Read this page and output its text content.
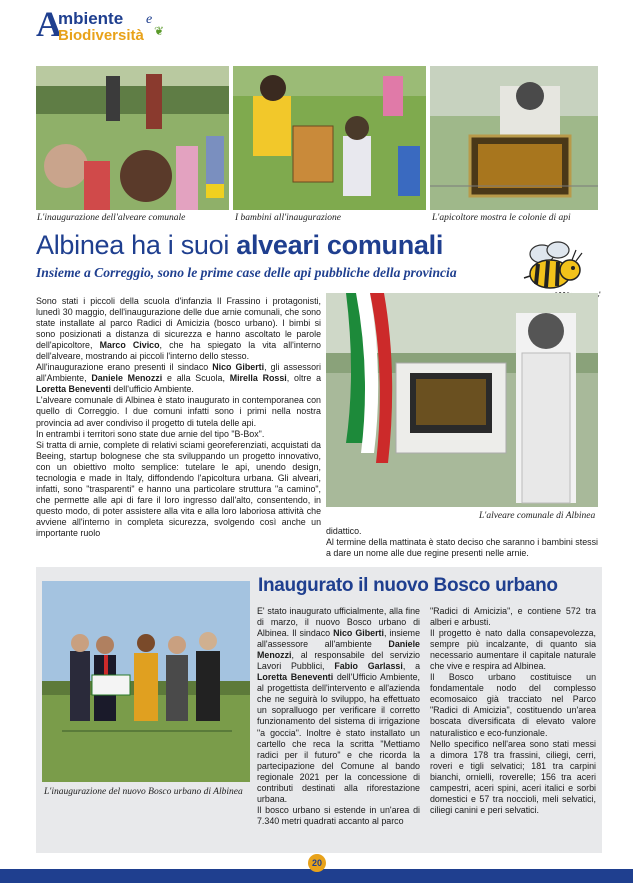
A
mbiente e
Biodiversità ❦
L'inaugurazione dell'alveare comunale	I bambini all'inaugurazione	L'apicoltore mostra le colonie di api
Albinea ha i suoi alveari comunali
Insieme a Correggio, sono le prime case delle api pubbliche della provincia

Sono stati i piccoli della scuola d'infanzia Il Frassino i protagonisti, lunedì 30 maggio, dell'inaugurazione delle due arnie comunali, che sono state installate al parco Radici di Amicizia (bosco urbano). I bimbi si sono posizionati a distanza di sicurezza e hanno ascoltato le parole dell'apicoltore, Marco Civico, che ha spiegato la vita all'interno dell'alveare, mostrando ai piccoli l'interno dello stesso.

All'inaugurazione erano presenti il sindaco Nico Giberti, gli assessori all'Ambiente, Daniele Menozzi e alla Scuola, Mirella Rossi, oltre a Loretta Beneventi dell'ufficio Ambiente.

L'alveare comunale di Albinea è stato inaugurato in contemporanea con quello di Correggio. I due comuni infatti sono i primi nella nostra provincia ad aver condiviso il progetto di tutela delle api.

In entrambi i territori sono state due arnie del tipo "B-Box".

Si tratta di arnie, complete di relativi sciami georeferenziati, acquistati da Beeing, startup bolognese che sta sviluppando un progetto innovativo, con un obiettivo molto semplice: tutelare le api, unendo design, tecnologia e made in Italy, diffondendo l'apicoltura urbana. Gli alveari, infatti, sono "trasparenti" e hanno una particolare struttura "a camino", che permette alle api di fare il loro ingresso dall'alto, consentendo, in questo modo, di poter assistere alla vita e alla loro laboriosa attività che avviene all'interno in completa sicurezza, svolgendo così anche un importante ruolo

L'alveare comunale di Albinea

didattico.

Al termine della mattinata è stato deciso che saranno i bambini stessi a dare un nome alle due regine presenti nelle arnie.

Inaugurato il nuovo Bosco urbano
L'inaugurazione del nuovo Bosco urbano di Albinea

E' stato inaugurato ufficialmente, alla fine di marzo, il nuovo Bosco urbano di Albinea. Il sindaco Nico Giberti, insieme all'assessore all'ambiente Daniele Menozzi, al responsabile del servizio Lavori Pubblici, Fabio Garlassi, a Loretta Beneventi dell'Ufficio Ambiente, al progettista dell'intervento e all'azienda che ne seguirà lo sviluppo, ha effettuato un sopralluogo per verificare il corretto funzionamento del sistema di irrigazione "a goccia". Inoltre è stato installato un cartello che reca la scritta "Mettiamo radici per il futuro" e che ricorda la partecipazione del Comune al bando regionale 2021 per la concessione di contributi destinati alla riforestazione urbana.

Il bosco urbano si estende in un'area di 7.340 metri quadrati accanto al parco

"Radici di Amicizia", e contiene 572 tra alberi e arbusti.

Il progetto è nato dalla consapevolezza, sempre più incalzante, di quanto sia necessario aumentare il capitale naturale che vive e respira ad Albinea.

Il Bosco urbano costituisce un fondamentale nodo del complesso ecomosaico già tracciato nel Parco "Radici di Amicizia", costituendo un'area boscata diversificata di elevato valore naturalistico e eco-funzionale.

Nello specifico nell'area sono stati messi a dimora 178 tra frassini, ciliegi, cerri, roveri e tigli selvatici; 181 tra carpini bianchi, ornielli, roverelle; 156 tra aceri campestri, aceri spini, aceri italici e sorbi domestici e 57 tra noccioli, meli selvatici, ciliegi canini e peri selvatici.

20
